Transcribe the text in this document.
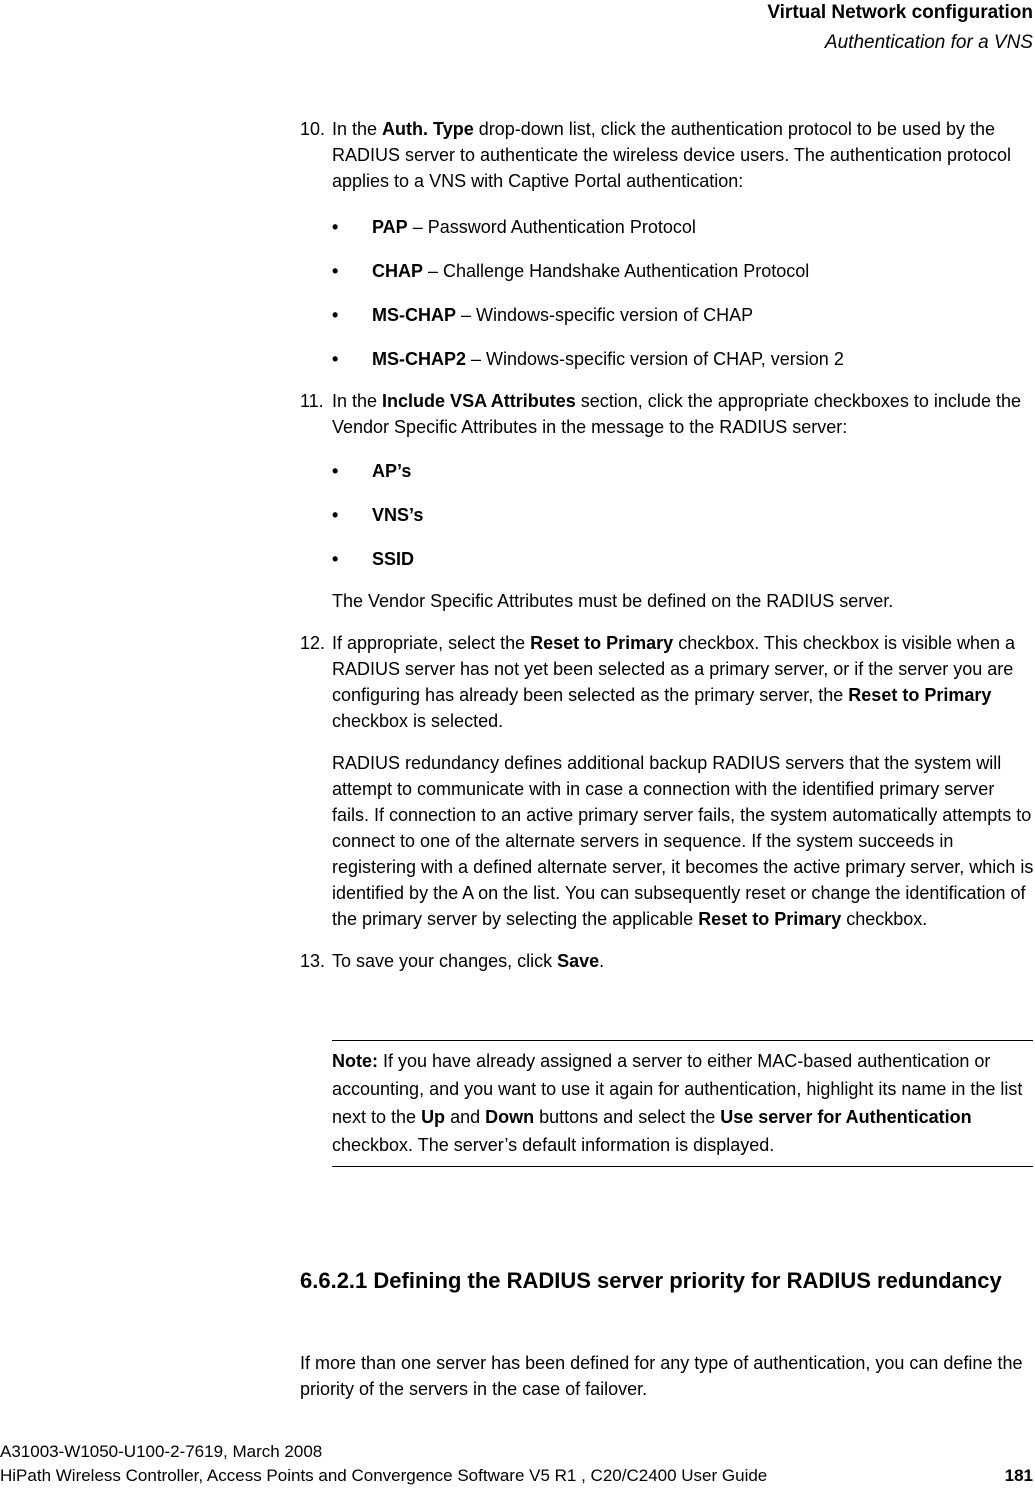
Virtual Network configuration
Authentication for a VNS
10. In the Auth. Type drop-down list, click the authentication protocol to be used by the RADIUS server to authenticate the wireless device users. The authentication protocol applies to a VNS with Captive Portal authentication:

• PAP – Password Authentication Protocol

• CHAP – Challenge Handshake Authentication Protocol

• MS-CHAP – Windows-specific version of CHAP

• MS-CHAP2 – Windows-specific version of CHAP, version 2

11. In the Include VSA Attributes section, click the appropriate checkboxes to include the Vendor Specific Attributes in the message to the RADIUS server:

• AP’s

• VNS’s

• SSID

The Vendor Specific Attributes must be defined on the RADIUS server.

12. If appropriate, select the Reset to Primary checkbox. This checkbox is visible when a RADIUS server has not yet been selected as a primary server, or if the server you are configuring has already been selected as the primary server, the Reset to Primary checkbox is selected.

RADIUS redundancy defines additional backup RADIUS servers that the system will attempt to communicate with in case a connection with the identified primary server fails. If connection to an active primary server fails, the system automatically attempts to connect to one of the alternate servers in sequence. If the system succeeds in registering with a defined alternate server, it becomes the active primary server, which is identified by the A on the list. You can subsequently reset or change the identification of the primary server by selecting the applicable Reset to Primary checkbox.

13. To save your changes, click Save.

Note: If you have already assigned a server to either MAC-based authentication or accounting, and you want to use it again for authentication, highlight its name in the list next to the Up and Down buttons and select the Use server for Authentication checkbox. The server’s default information is displayed.
6.6.2.1 Defining the RADIUS server priority for RADIUS redundancy
If more than one server has been defined for any type of authentication, you can define the priority of the servers in the case of failover.
A31003-W1050-U100-2-7619, March 2008
HiPath Wireless Controller, Access Points and Convergence Software V5 R1 , C20/C2400 User Guide	181
